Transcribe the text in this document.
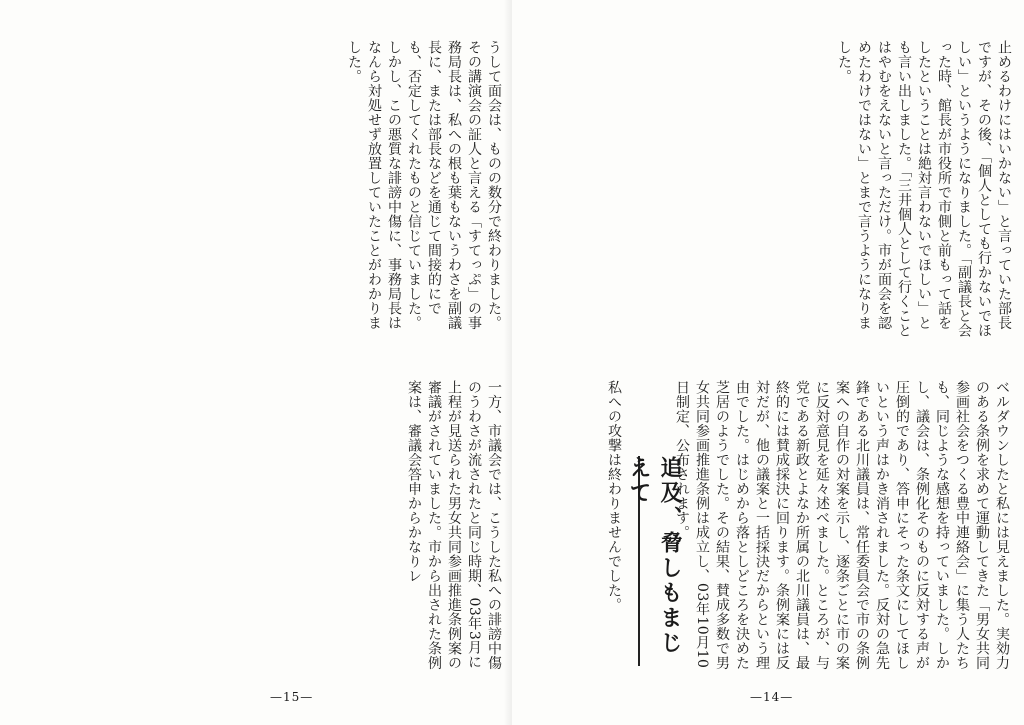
うして面会は、ものの数分で終わりました。その講演会の証人と言える「すてっぷ」の事務局長は、私への根も葉もないうわさを副議長に、または部長などを通じて間接的にでも、否定してくれたものと信じていました。しかし、この悪質な誹謗中傷に、事務局長はなんら対処せず放置していたことがわかりました。
一方、市議会では、こうした私への誹謗中傷のうわさが流されたと同じ時期、03年3月に上程が見送られた男女共同参画推進条例案の審議がされていました。市から出された条例案は、審議会答申からかなりレ
—15—
止めるわけにはいかない」と言っていた部長ですが、その後、「個人としても行かないでほしい」というようになりました。「副議長と会った時、館長が市役所で市側と前もって話をしたということは絶対言わないでほしい」とも言い出しました。「三井個人として行くことはやむをえないと言っただけ。市が面会を認めたわけではない」とまで言うようになりました。
ベルダウンしたと私には見えました。実効力のある条例を求めて運動してきた「男女共同参画社会をつくる豊中連絡会」に集う人たちも、同じような感想を持っていました。しかし、議会は、条例化そのものに反対する声が圧倒的であり、答申にそった条文にしてほしいという声はかき消されました。反対の急先鋒である北川議員は、常任委員会で市の条例案への自作の対案を示し、逐条ごとに市の案に反対意見を延々述べました。ところが、与党である新政とよなか所属の北川議員は、最終的には賛成採決に回ります。条例案には反対だが、他の議案と一括採決だからという理由でした。はじめから落としどころを決めた芝居のようでした。その結果、賛成多数で男女共同参画推進条例は成立し、03年10月10日制定、公布されます。
私への攻撃は終わりませんでした。	追及、脅しもまじえて
—14—
